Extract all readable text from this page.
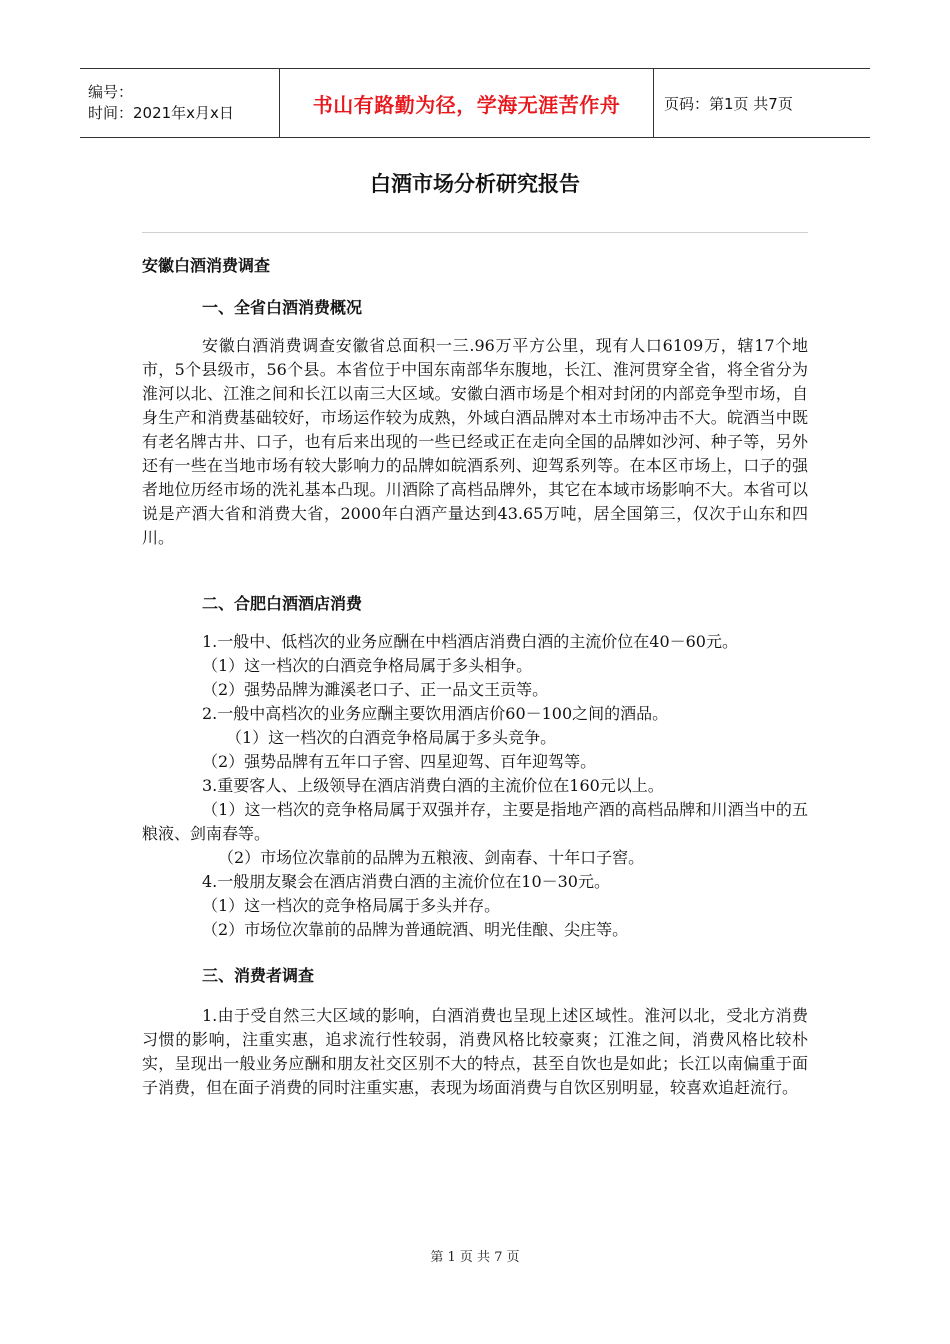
编号：
时间：2021年x月x日	书山有路勤为径，学海无涯苦作舟	页码：第1页 共7页
白酒市场分析研究报告
安徽白酒消费调查
一、全省白酒消费概况
安徽白酒消费调查安徽省总面积一三.96万平方公里，现有人口6109万，辖17个地市，5个县级市，56个县。本省位于中国东南部华东腹地，长江、淮河贯穿全省，将全省分为淮河以北、江淮之间和长江以南三大区域。安徽白酒市场是个相对封闭的内部竞争型市场，自身生产和消费基础较好，市场运作较为成熟，外域白酒品牌对本土市场冲击不大。皖酒当中既有老名牌古井、口子，也有后来出现的一些已经或正在走向全国的品牌如沙河、种子等，另外还有一些在当地市场有较大影响力的品牌如皖酒系列、迎驾系列等。在本区市场上，口子的强者地位历经市场的洗礼基本凸现。川酒除了高档品牌外，其它在本域市场影响不大。本省可以说是产酒大省和消费大省，2000年白酒产量达到43.65万吨，居全国第三，仅次于山东和四川。
二、合肥白酒酒店消费
1.一般中、低档次的业务应酬在中档酒店消费白酒的主流价位在40－60元。
（1）这一档次的白酒竞争格局属于多头相争。
（2）强势品牌为濉溪老口子、正一品文王贡等。
2.一般中高档次的业务应酬主要饮用酒店价60－100之间的酒品。
（1）这一档次的白酒竞争格局属于多头竞争。
（2）强势品牌有五年口子窖、四星迎驾、百年迎驾等。
3.重要客人、上级领导在酒店消费白酒的主流价位在160元以上。
（1）这一档次的竞争格局属于双强并存，主要是指地产酒的高档品牌和川酒当中的五粮液、剑南春等。
（2）市场位次靠前的品牌为五粮液、剑南春、十年口子窖。
4.一般朋友聚会在酒店消费白酒的主流价位在10－30元。
（1）这一档次的竞争格局属于多头并存。
（2）市场位次靠前的品牌为普通皖酒、明光佳酿、尖庄等。
三、消费者调查
1.由于受自然三大区域的影响，白酒消费也呈现上述区域性。淮河以北，受北方消费习惯的影响，注重实惠，追求流行性较弱，消费风格比较豪爽；江淮之间，消费风格比较朴实，呈现出一般业务应酬和朋友社交区别不大的特点，甚至自饮也是如此；长江以南偏重于面子消费，但在面子消费的同时注重实惠，表现为场面消费与自饮区别明显，较喜欢追赶流行。
第 1 页 共 7 页
